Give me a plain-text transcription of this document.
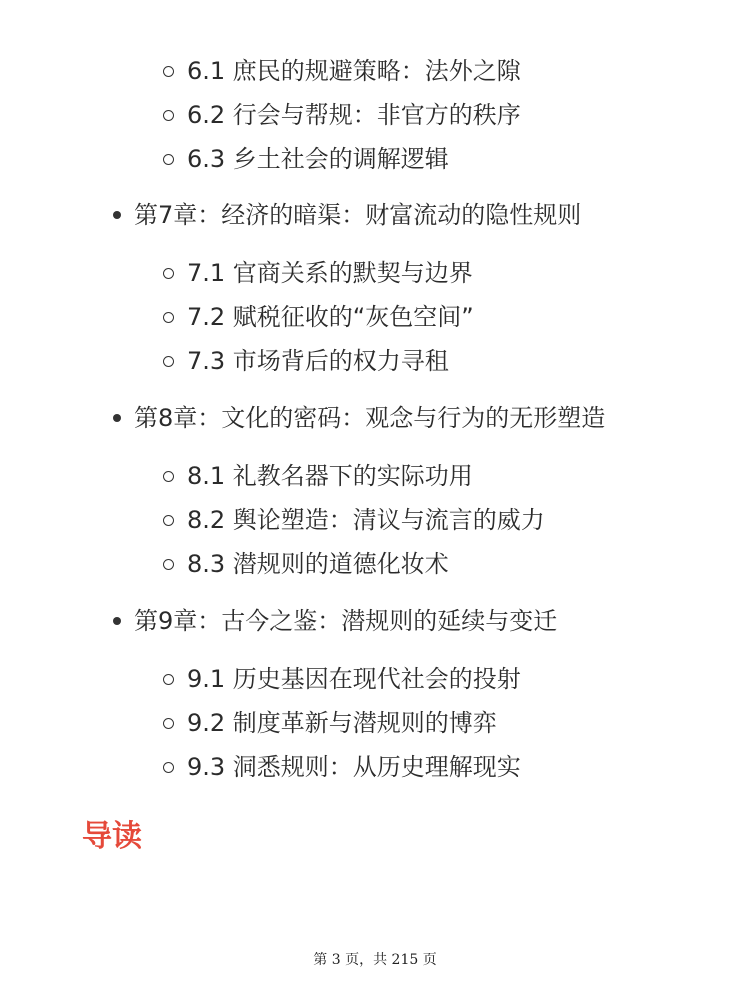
6.1 庶民的规避策略：法外之隙
6.2 行会与帮规：非官方的秩序
6.3 乡土社会的调解逻辑
第7章：经济的暗渠：财富流动的隐性规则
7.1 官商关系的默契与边界
7.2 赋税征收的“灰色空间”
7.3 市场背后的权力寻租
第8章：文化的密码：观念与行为的无形塑造
8.1 礼教名器下的实际功用
8.2 舆论塑造：清议与流言的威力
8.3 潜规则的道德化妆术
第9章：古今之鉴：潜规则的延续与变迁
9.1 历史基因在现代社会的投射
9.2 制度革新与潜规则的博弈
9.3 洞悉规则：从历史理解现实
导读
第 3 页，共 215 页
